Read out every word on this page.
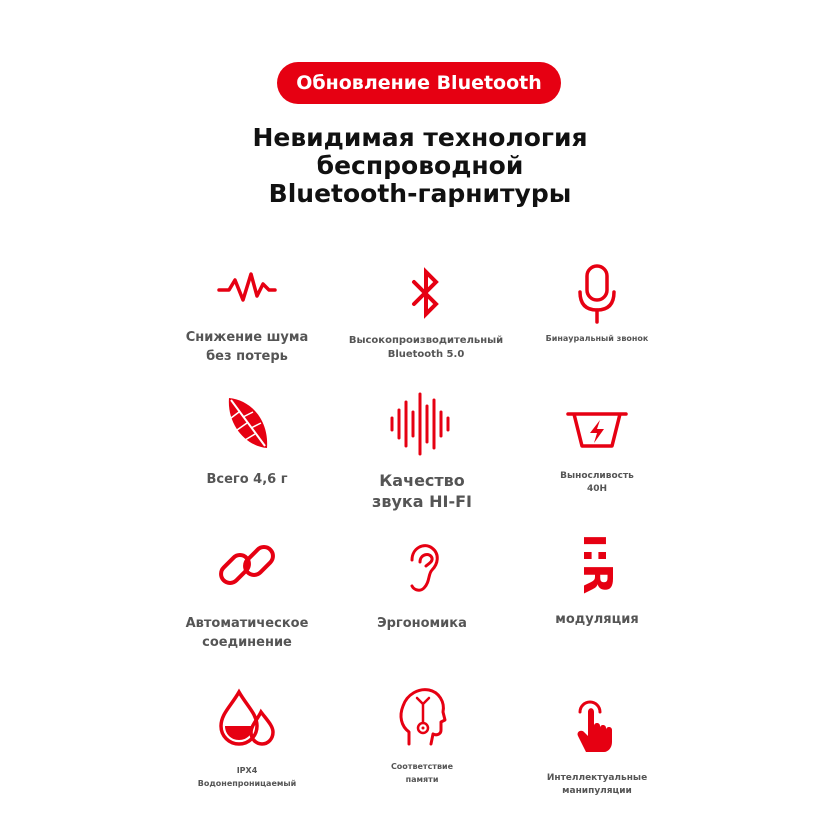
Обновление Bluetooth
Невидимая технология
беспроводной
Bluetooth-гарнитуры
Снижение шума
без потерь
Высокопроизводительный
Bluetooth 5.0
Бинауральный звонок
Всего 4,6 г	Качество
звука HI-FI
Выносливость
40Н
Автоматическое
соединение
Эргономика
ı:R
модуляция
IPX4
Водонепроницаемый
Соответствие
памяти	Интеллектуальные
манипуляции
